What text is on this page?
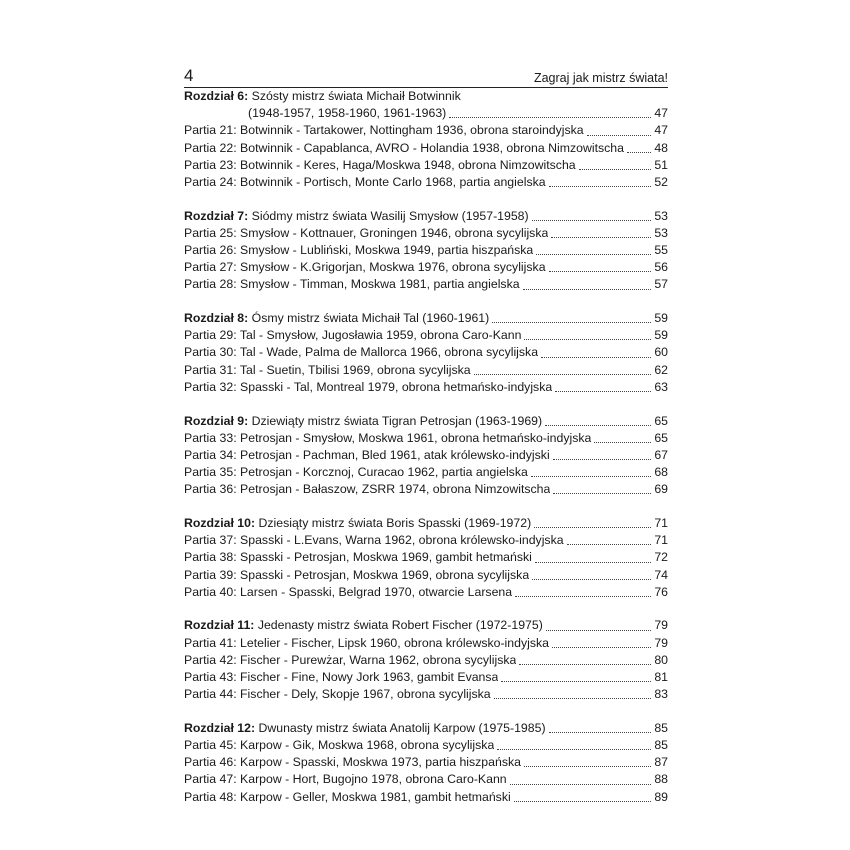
4	Zagraj jak mistrz świata!
Rozdział 6: Szósty mistrz świata Michaił Botwinnik
(1948-1957, 1958-1960, 1961-1963)	47
Partia 21: Botwinnik - Tartakower, Nottingham 1936, obrona staroindyjska	47
Partia 22: Botwinnik - Capablanca, AVRO - Holandia 1938, obrona Nimzowitscha 48
Partia 23: Botwinnik - Keres, Haga/Moskwa 1948, obrona Nimzowitscha	51
Partia 24: Botwinnik - Portisch, Monte Carlo 1968, partia angielska	52
Rozdział 7: Siódmy mistrz świata Wasilij Smysłow (1957-1958)	53
Partia 25: Smysłow - Kottnauer, Groningen 1946, obrona sycylijska	53
Partia 26: Smysłow - Lubliński, Moskwa 1949, partia hiszpańska	55
Partia 27: Smysłow - K.Grigorjan, Moskwa 1976, obrona sycylijska	56
Partia 28: Smysłow - Timman, Moskwa 1981, partia angielska	57
Rozdział 8: Ósmy mistrz świata Michaił Tal (1960-1961)	59
Partia 29: Tal - Smysłow, Jugosławia 1959, obrona Caro-Kann	59
Partia 30: Tal - Wade, Palma de Mallorca 1966, obrona sycylijska	60
Partia 31: Tal - Suetin, Tbilisi 1969, obrona sycylijska	62
Partia 32: Spasski - Tal, Montreal 1979, obrona hetmańsko-indyjska	63
Rozdział 9: Dziewiąty mistrz świata Tigran Petrosjan (1963-1969)	65
Partia 33: Petrosjan - Smysłow, Moskwa 1961, obrona hetmańsko-indyjska	65
Partia 34: Petrosjan - Pachman, Bled 1961, atak królewsko-indyjski	67
Partia 35: Petrosjan - Korcznoj, Curacao 1962, partia angielska	68
Partia 36: Petrosjan - Bałaszow, ZSRR 1974, obrona Nimzowitscha	69
Rozdział 10: Dziesiąty mistrz świata Boris Spasski (1969-1972)	71
Partia 37: Spasski - L.Evans, Warna 1962, obrona królewsko-indyjska	71
Partia 38: Spasski - Petrosjan, Moskwa 1969, gambit hetmański	72
Partia 39: Spasski - Petrosjan, Moskwa 1969, obrona sycylijska	74
Partia 40: Larsen - Spasski, Belgrad 1970, otwarcie Larsena	76
Rozdział 11: Jedenasty mistrz świata Robert Fischer (1972-1975)	79
Partia 41: Letelier - Fischer, Lipsk 1960, obrona królewsko-indyjska	79
Partia 42: Fischer - Purewżar, Warna 1962, obrona sycylijska	80
Partia 43: Fischer - Fine, Nowy Jork 1963, gambit Evansa	81
Partia 44: Fischer - Dely, Skopje 1967, obrona sycylijska	83
Rozdział 12: Dwunasty mistrz świata Anatolij Karpow (1975-1985)	85
Partia 45: Karpow - Gik, Moskwa 1968, obrona sycylijska	85
Partia 46: Karpow - Spasski, Moskwa 1973, partia hiszpańska	87
Partia 47: Karpow - Hort, Bugojno 1978, obrona Caro-Kann	88
Partia 48: Karpow - Geller, Moskwa 1981, gambit hetmański	89
